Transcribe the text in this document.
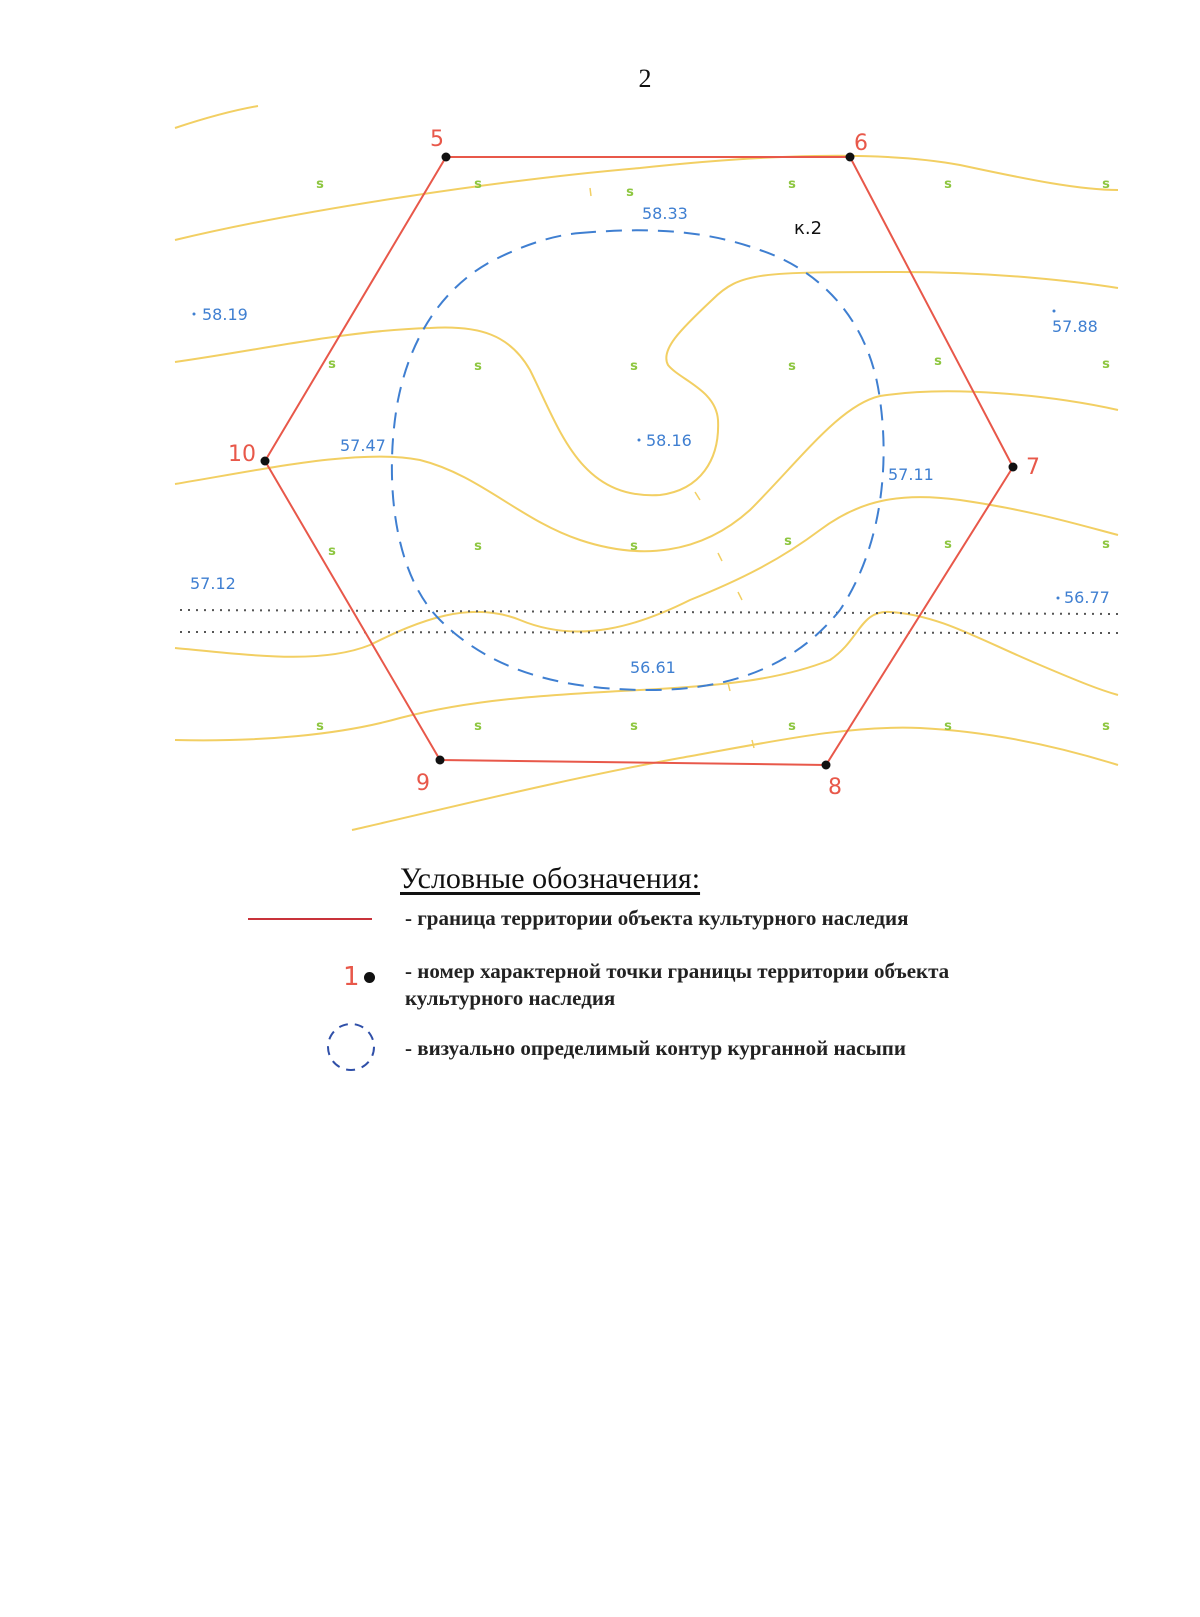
2
s	s
s
s	s	s
s	s	s	s	s	s
s	s	s	s	s	s
s	s	s	s	s	s
5	6
7
8
9
10
58.33
58.19
57.88
57.47	58.16
57.11
57.12
56.77
56.61
к.2
Условные обозначения:
- граница территории объекта культурного наследия
1	- номер характерной точки границы территории объекта культурного наследия
- визуально определимый контур курганной насыпи
